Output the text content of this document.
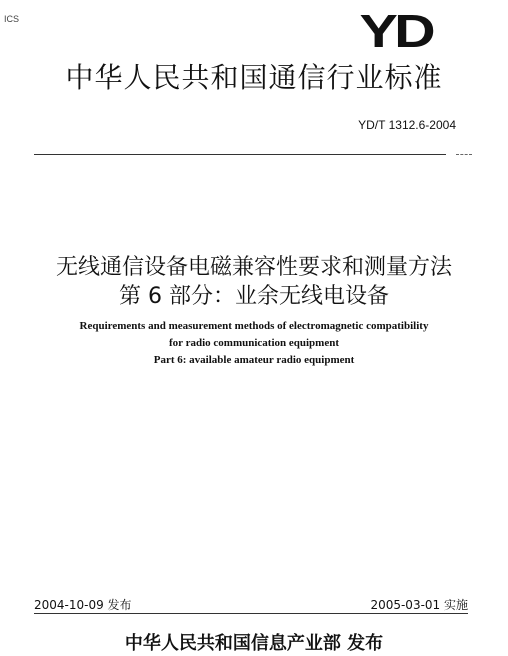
ICS	YD
中华人民共和国通信行业标准
YD/T 1312.6-2004
无线通信设备电磁兼容性要求和测量方法
第 6 部分：业余无线电设备
Requirements and measurement methods of electromagnetic compatibility
for radio communication equipment
Part 6: available amateur radio equipment
2004-10-09 发布	2005-03-01 实施
中华人民共和国信息产业部 发布
